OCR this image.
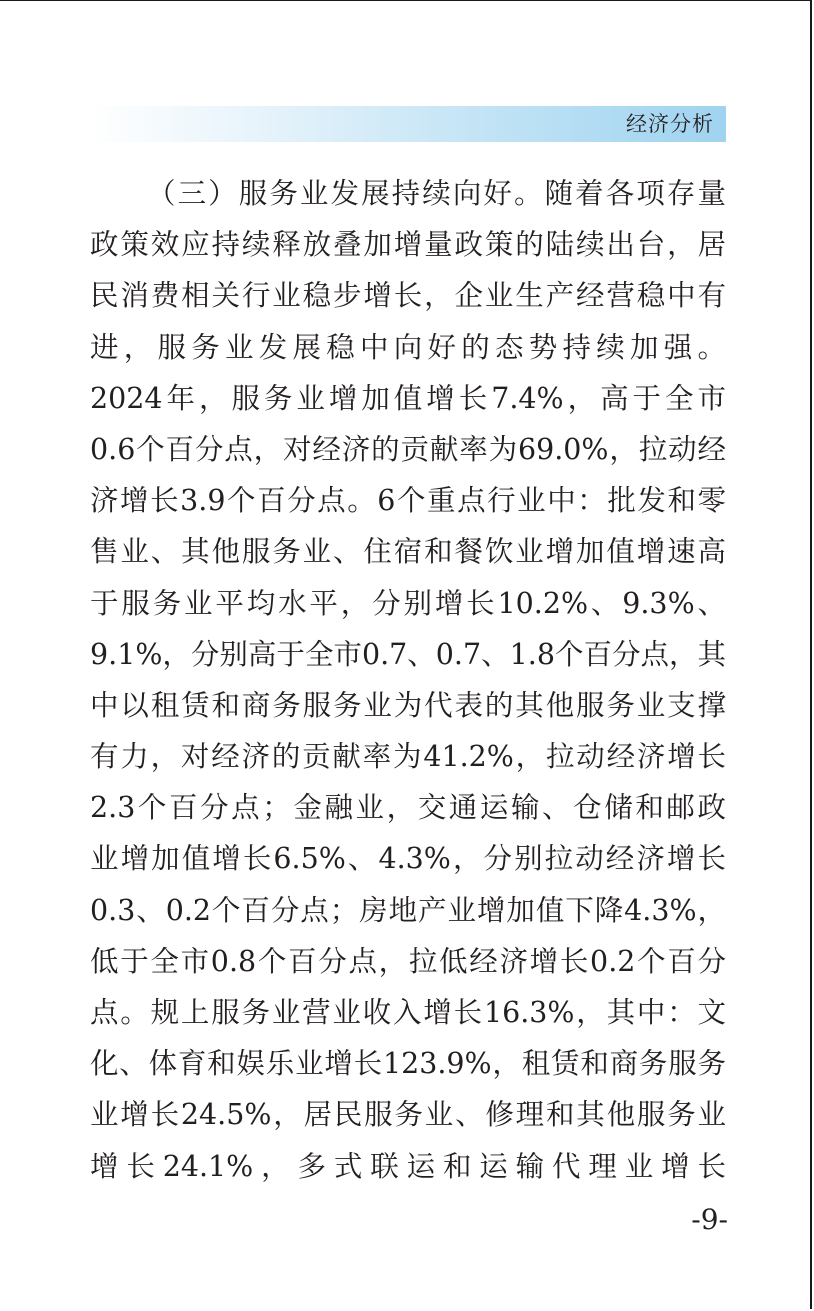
经济分析
（三）服务业发展持续向好。随着各项存量
政策效应持续释放叠加增量政策的陆续出台，居
民消费相关行业稳步增长，企业生产经营稳中有
进，服务业发展稳中向好的态势持续加强。
2024年，服务业增加值增长7.4%，高于全市
0.6个百分点，对经济的贡献率为69.0%，拉动经
济增长3.9个百分点。6个重点行业中：批发和零
售业、其他服务业、住宿和餐饮业增加值增速高
于服务业平均水平，分别增长10.2%、9.3%、
9.1%，分别高于全市0.7、0.7、1.8个百分点，其
中以租赁和商务服务业为代表的其他服务业支撑
有力，对经济的贡献率为41.2%，拉动经济增长
2.3个百分点；金融业，交通运输、仓储和邮政
业增加值增长6.5%、4.3%，分别拉动经济增长
0.3、0.2个百分点；房地产业增加值下降4.3%，
低于全市0.8个百分点，拉低经济增长0.2个百分
点。规上服务业营业收入增长16.3%，其中：文
化、体育和娱乐业增长123.9%，租赁和商务服务
业增长24.5%，居民服务业、修理和其他服务业
增长24.1%，多式联运和运输代理业增长
-9-
